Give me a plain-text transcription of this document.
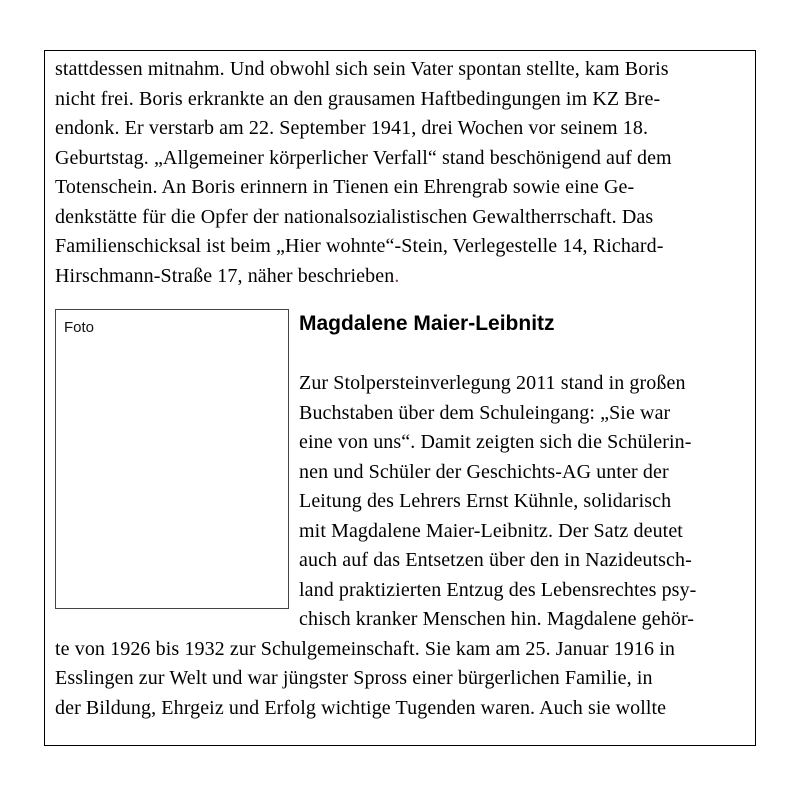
stattdessen mitnahm. Und obwohl sich sein Vater spontan stellte, kam Boris
nicht frei. Boris erkrankte an den grausamen Haftbedingungen im KZ Bre-
endonk. Er verstarb am 22. September 1941, drei Wochen vor seinem 18.
Geburtstag. „Allgemeiner körperlicher Verfall“ stand beschönigend auf dem
Totenschein. An Boris erinnern in Tienen ein Ehrengrab sowie eine Ge-
denkstätte für die Opfer der nationalsozialistischen Gewaltherrschaft. Das
Familienschicksal ist beim „Hier wohnte“-Stein, Verlegestelle 14, Richard-
Hirschmann-Straße 17, näher beschrieben.
Foto	Magdalene Maier-Leibnitz
Zur Stolpersteinverlegung 2011 stand in großen
Buchstaben über dem Schuleingang: „Sie war
eine von uns“. Damit zeigten sich die Schülerin-
nen und Schüler der Geschichts-AG unter der
Leitung des Lehrers Ernst Kühnle, solidarisch
mit Magdalene Maier-Leibnitz. Der Satz deutet
auch auf das Entsetzen über den in Nazideutsch-
land praktizierten Entzug des Lebensrechtes psy-
chisch kranker Menschen hin. Magdalene gehör-
te von 1926 bis 1932 zur Schulgemeinschaft. Sie kam am 25. Januar 1916 in
Esslingen zur Welt und war jüngster Spross einer bürgerlichen Familie, in
der Bildung, Ehrgeiz und Erfolg wichtige Tugenden waren. Auch sie wollte
